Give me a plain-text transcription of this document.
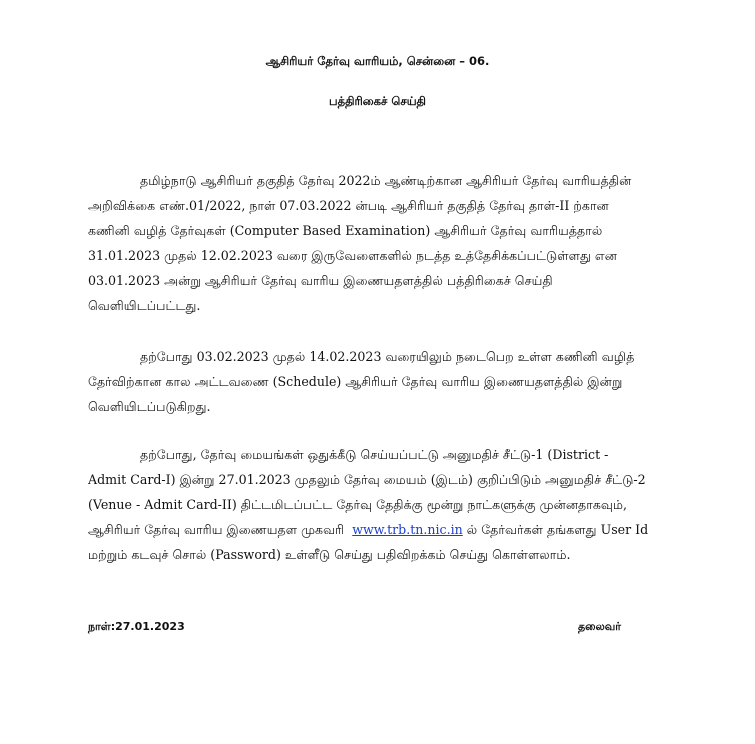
ஆசிரியர் தேர்வு வாரியம், சென்னை – 06.
பத்திரிகைச் செய்தி
தமிழ்நாடு ஆசிரியர் தகுதித் தேர்வு 2022ம் ஆண்டிற்கான ஆசிரியர் தேர்வு வாரியத்தின்
அறிவிக்கை எண்.01/2022, நாள் 07.03.2022 ன்படி ஆசிரியர் தகுதித் தேர்வு தாள்-II ற்கான
கணினி வழித் தேர்வுகள் (Computer Based Examination) ஆசிரியர் தேர்வு வாரியத்தால்
31.01.2023 முதல் 12.02.2023 வரை இருவேளைகளில் நடத்த உத்தேசிக்கப்பட்டுள்ளது என
03.01.2023 அன்று ஆசிரியர் தேர்வு வாரிய இணையதளத்தில் பத்திரிகைச் செய்தி
வெளியிடப்பட்டது.
தற்போது 03.02.2023 முதல் 14.02.2023 வரையிலும் நடைபெற உள்ள கணினி வழித்
தேர்விற்கான கால அட்டவணை (Schedule) ஆசிரியர் தேர்வு வாரிய இணையதளத்தில் இன்று
வெளியிடப்படுகிறது.
தற்போது, தேர்வு மையங்கள் ஒதுக்கீடு செய்யப்பட்டு அனுமதிச் சீட்டு-1 (District -
Admit Card-I) இன்று 27.01.2023 முதலும் தேர்வு மையம் (இடம்) குறிப்பிடும் அனுமதிச் சீட்டு-2
(Venue - Admit Card-II) திட்டமிடப்பட்ட தேர்வு தேதிக்கு மூன்று நாட்களுக்கு முன்னதாகவும்,
ஆசிரியர் தேர்வு வாரிய இணையதள முகவரி www.trb.tn.nic.in ல் தேர்வர்கள் தங்களது User Id
மற்றும் கடவுச் சொல் (Password) உள்ளீடு செய்து பதிவிறக்கம் செய்து கொள்ளலாம்.
நாள்:27.01.2023	தலைவர்
